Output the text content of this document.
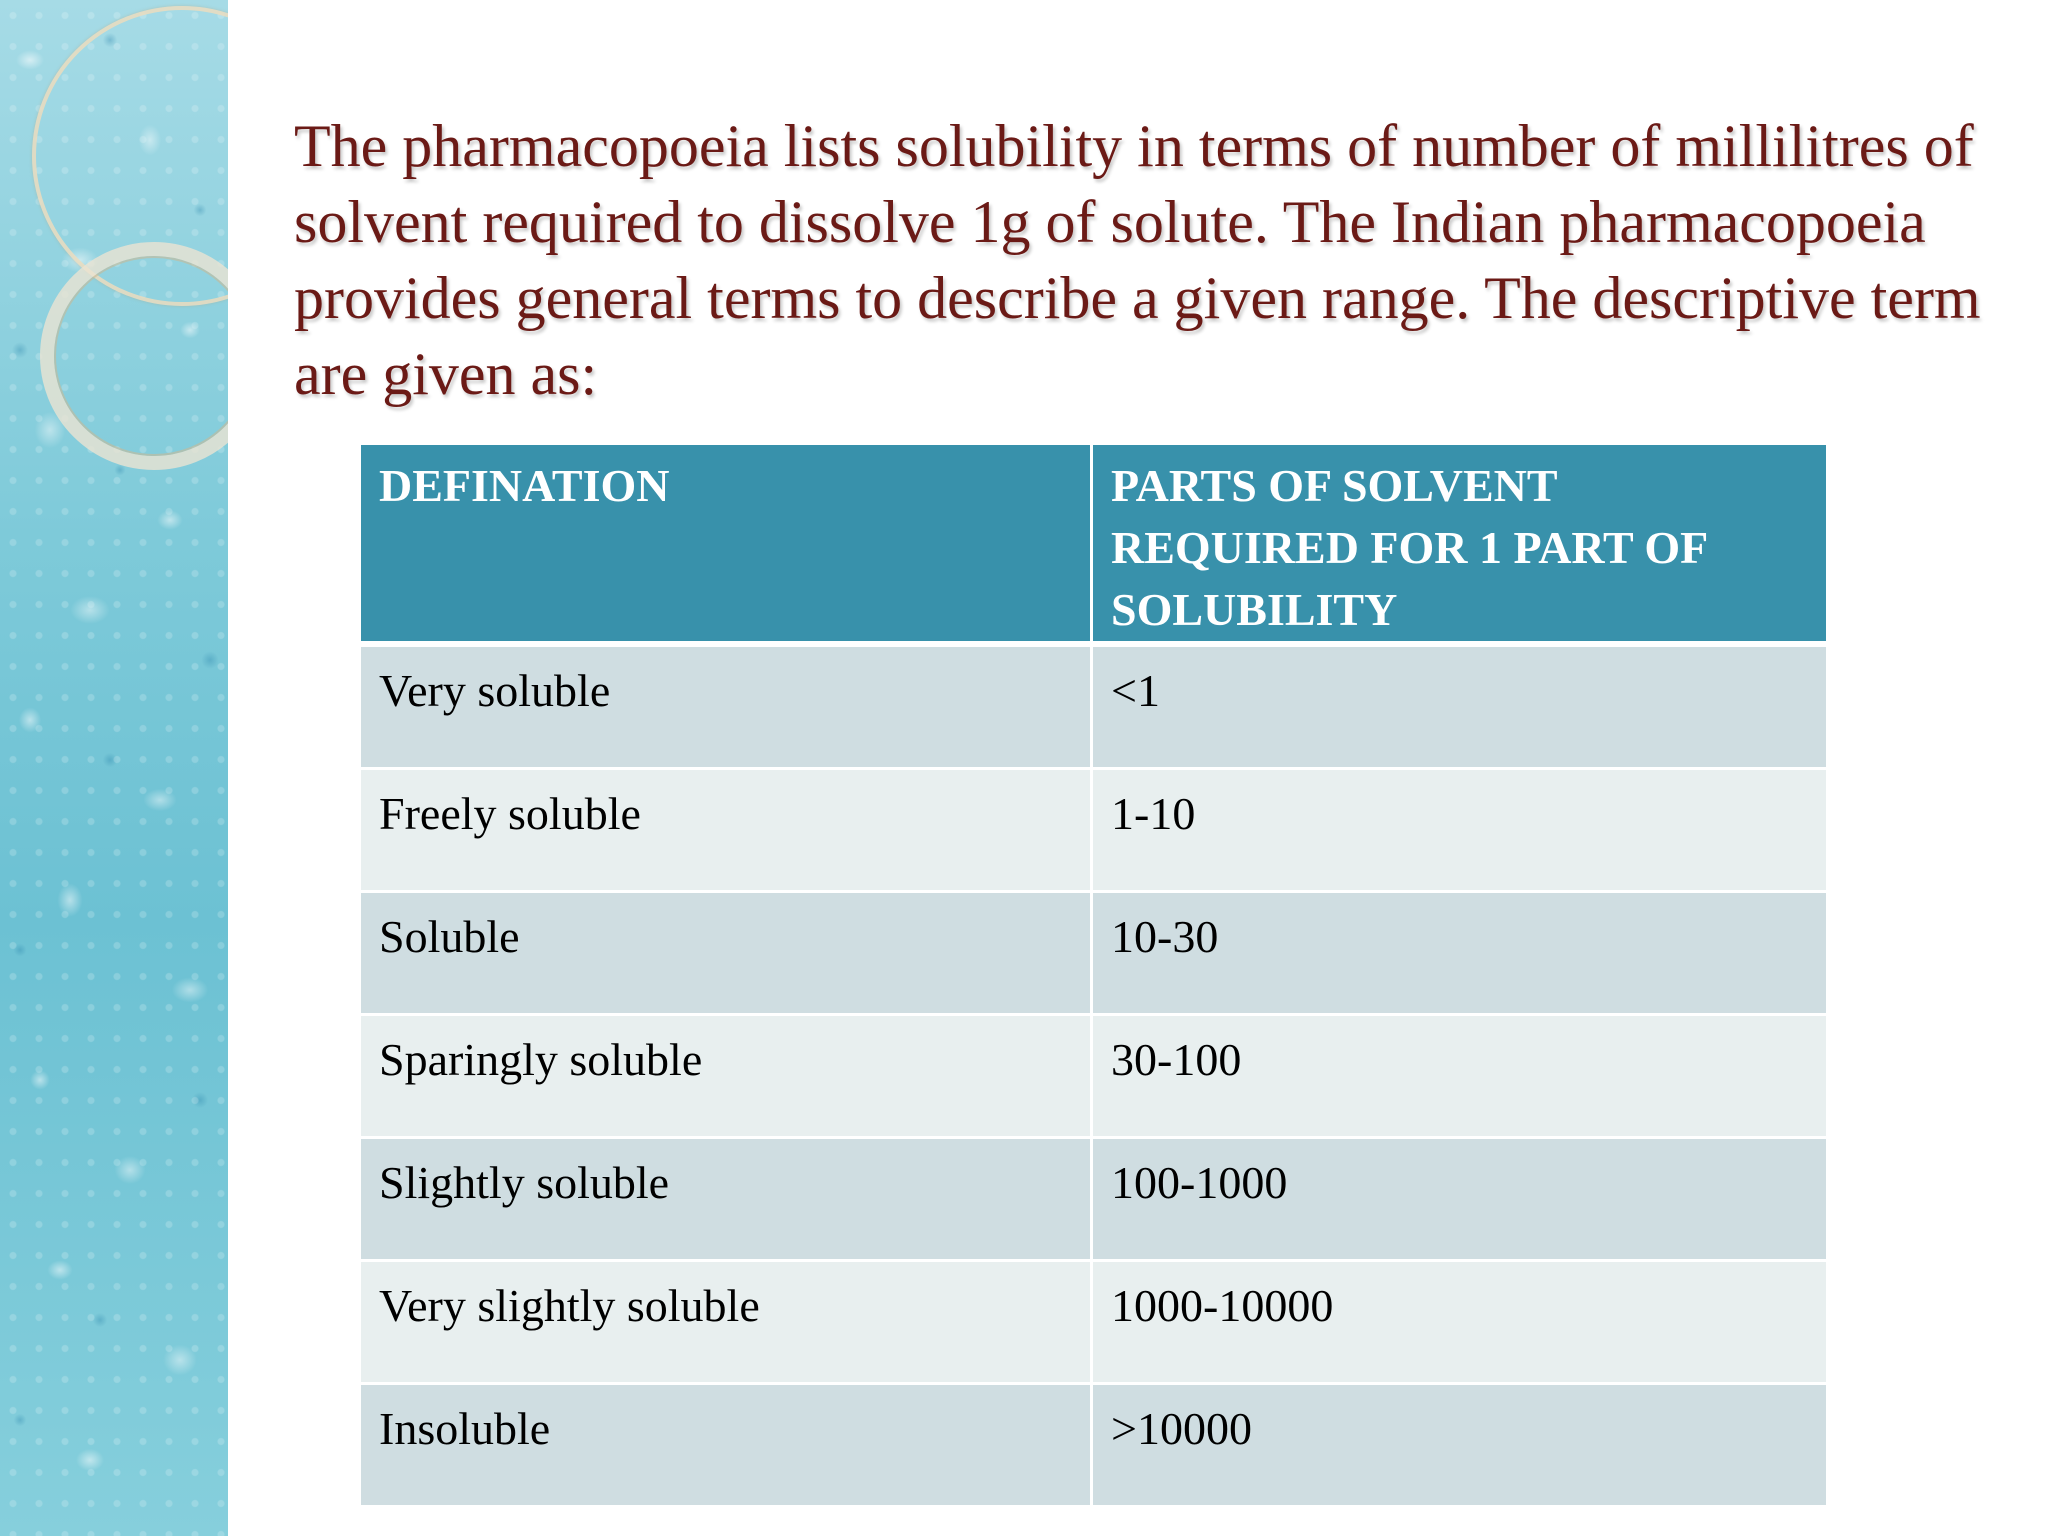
The pharmacopoeia lists solubility in terms of number of millilitres of solvent required to dissolve 1g of solute. The Indian pharmacopoeia provides general terms to describe a given range. The descriptive term are given as:

DEFINATION	PARTS OF SOLVENT REQUIRED FOR 1 PART OF SOLUBILITY
Very soluble	<1
Freely soluble	1-10
Soluble	10-30
Sparingly soluble	30-100
Slightly soluble	100-1000
Very slightly soluble	1000-10000
Insoluble	>10000
